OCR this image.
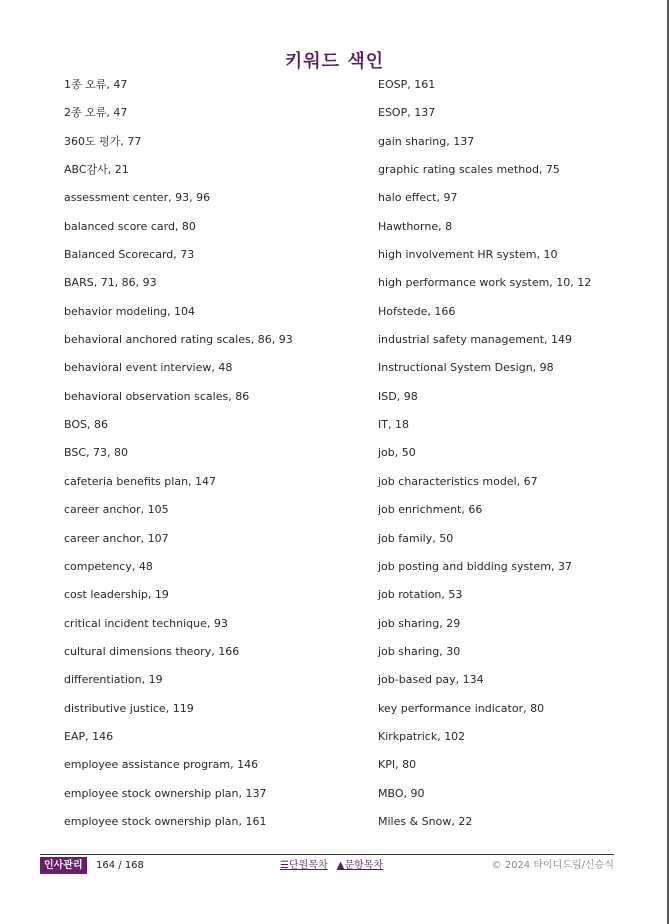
키워드 색인
1종 오류, 47
2종 오류, 47
360도 평가, 77
ABC감사, 21
assessment center, 93, 96
balanced score card, 80
Balanced Scorecard, 73
BARS, 71, 86, 93
behavior modeling, 104
behavioral anchored rating scales, 86, 93
behavioral event interview, 48
behavioral observation scales, 86
BOS, 86
BSC, 73, 80
cafeteria benefits plan, 147
career anchor, 105
career anchor, 107
competency, 48
cost leadership, 19
critical incident technique, 93
cultural dimensions theory, 166
differentiation, 19
distributive justice, 119
EAP, 146
employee assistance program, 146
employee stock ownership plan, 137
employee stock ownership plan, 161
EOSP, 161
ESOP, 137
gain sharing, 137
graphic rating scales method, 75
halo effect, 97
Hawthorne, 8
high involvement HR system, 10
high performance work system, 10, 12
Hofstede, 166
industrial safety management, 149
Instructional System Design, 98
ISD, 98
IT, 18
job, 50
job characteristics model, 67
job enrichment, 66
job family, 50
job posting and bidding system, 37
job rotation, 53
job sharing, 29
job sharing, 30
job-based pay, 134
key performance indicator, 80
Kirkpatrick, 102
KPI, 80
MBO, 90
Miles & Snow, 22
인사관리	164 / 168	☰단원목차 ▲문항목차	© 2024 타이디드림/신승식
